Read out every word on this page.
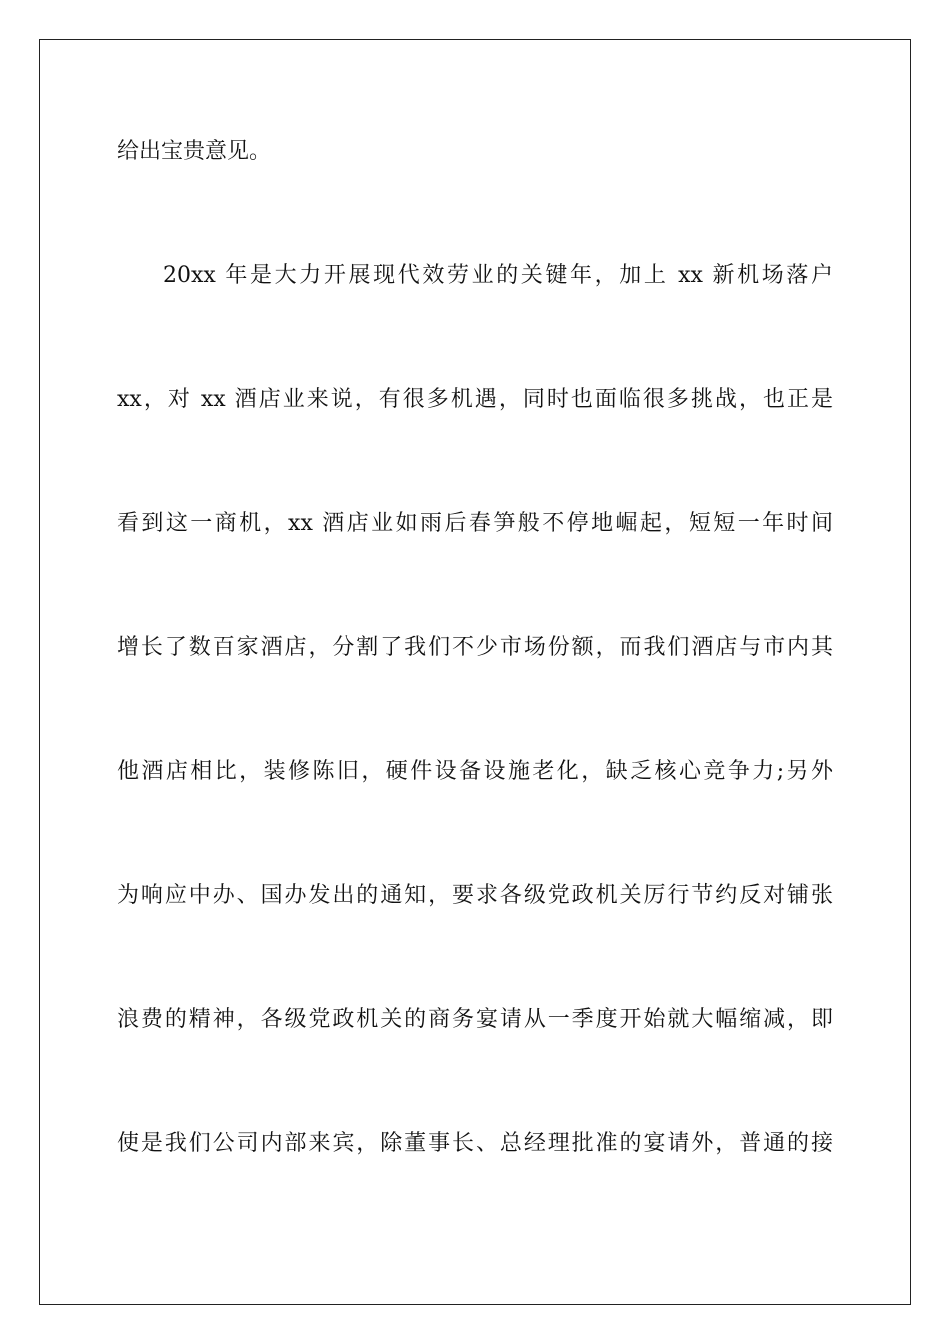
给出宝贵意见。

20xx 年是大力开展现代效劳业的关键年，加上 xx 新机场落户

xx，对 xx 酒店业来说，有很多机遇，同时也面临很多挑战，也正是

看到这一商机，xx 酒店业如雨后春笋般不停地崛起，短短一年时间

增长了数百家酒店，分割了我们不少市场份额，而我们酒店与市内其

他酒店相比，装修陈旧，硬件设备设施老化，缺乏核心竞争力;另外

为响应中办、国办发出的通知，要求各级党政机关厉行节约反对铺张

浪费的精神，各级党政机关的商务宴请从一季度开始就大幅缩减，即

使是我们公司内部来宾，除董事长、总经理批准的宴请外，普通的接
